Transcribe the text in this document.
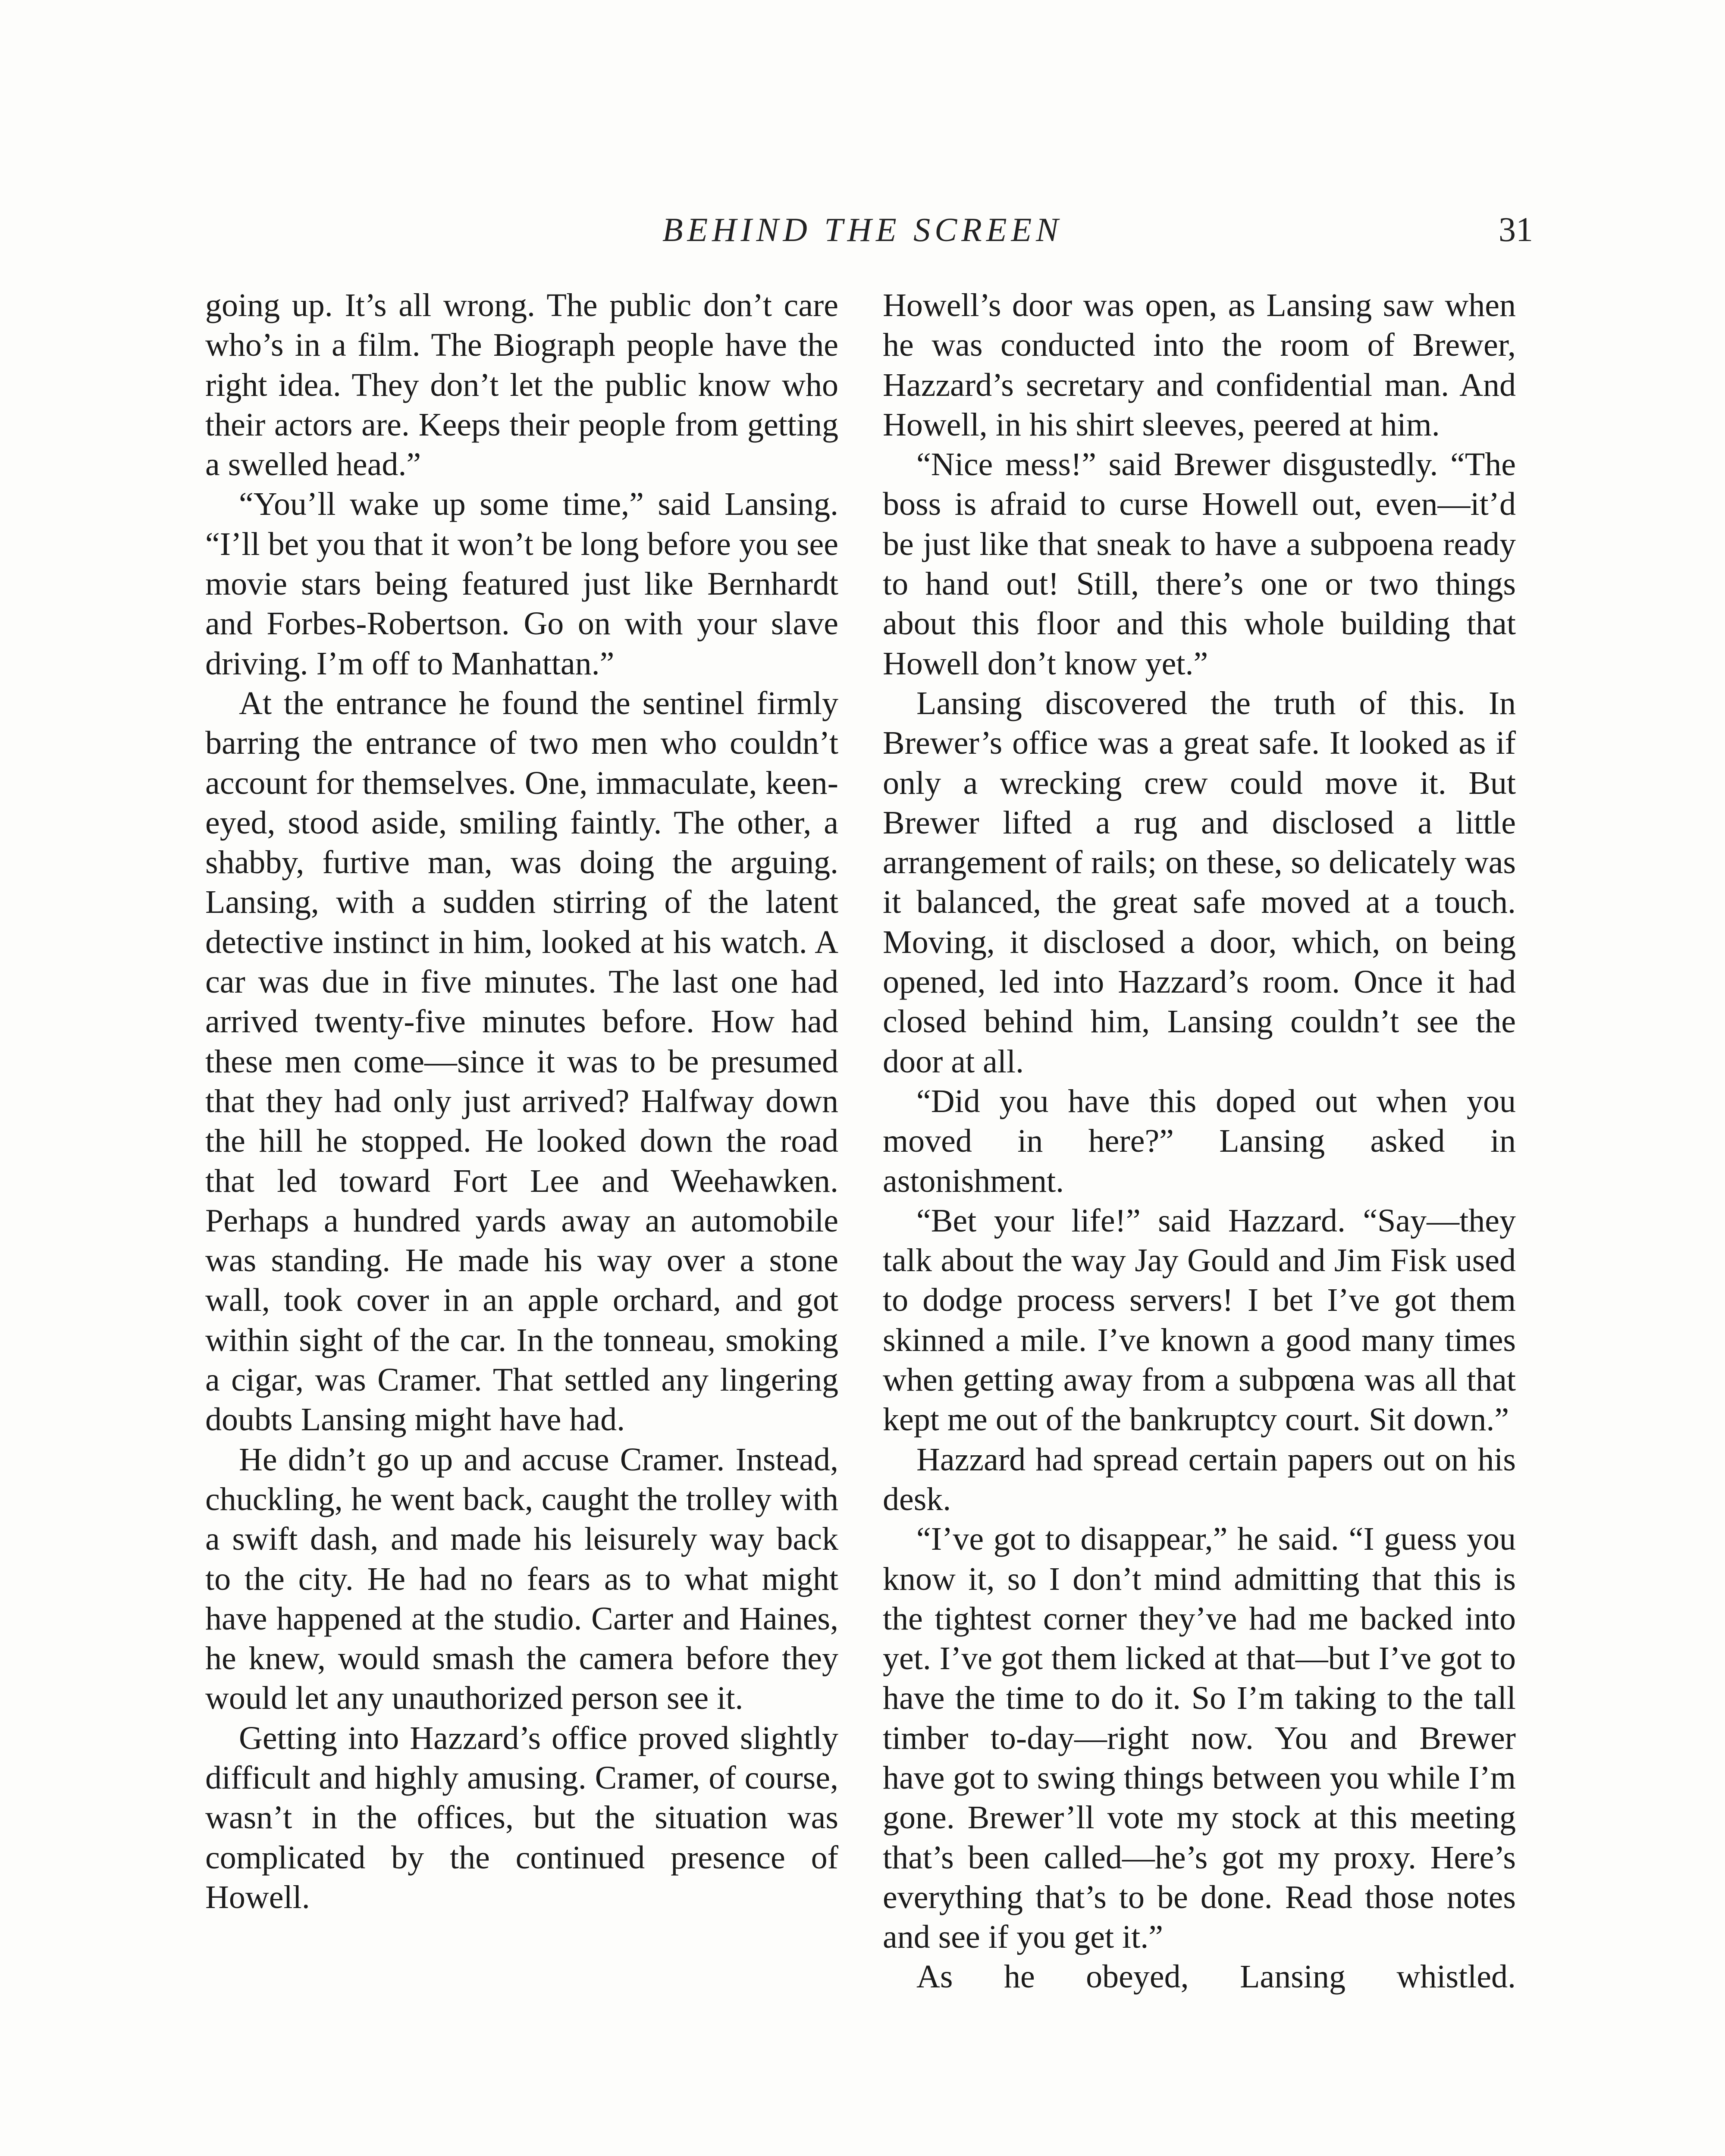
BEHIND THE SCREEN	31

going up. It’s all wrong. The public don’t care who’s in a film. The Biograph people have the right idea. They don’t let the public know who their actors are. Keeps their people from getting a swelled head.”

“You’ll wake up some time,” said Lansing. “I’ll bet you that it won’t be long before you see movie stars being featured just like Bernhardt and Forbes-Robertson. Go on with your slave driving. I’m off to Manhattan.”

At the entrance he found the sentinel firmly barring the entrance of two men who couldn’t account for themselves. One, immaculate, keen-eyed, stood aside, smiling faintly. The other, a shabby, furtive man, was doing the arguing. Lansing, with a sudden stirring of the latent detective instinct in him, looked at his watch. A car was due in five minutes. The last one had arrived twenty-five minutes before. How had these men come—since it was to be presumed that they had only just arrived? Halfway down the hill he stopped. He looked down the road that led toward Fort Lee and Weehawken. Perhaps a hundred yards away an automobile was standing. He made his way over a stone wall, took cover in an apple orchard, and got within sight of the car. In the tonneau, smoking a cigar, was Cramer. That settled any lingering doubts Lansing might have had.

He didn’t go up and accuse Cramer. Instead, chuckling, he went back, caught the trolley with a swift dash, and made his leisurely way back to the city. He had no fears as to what might have happened at the studio. Carter and Haines, he knew, would smash the camera before they would let any unauthorized person see it.

Getting into Hazzard’s office proved slightly difficult and highly amusing. Cramer, of course, wasn’t in the offices, but the situation was complicated by the continued presence of Howell.

Howell’s door was open, as Lansing saw when he was conducted into the room of Brewer, Hazzard’s secretary and confidential man. And Howell, in his shirt sleeves, peered at him.

“Nice mess!” said Brewer disgustedly. “The boss is afraid to curse Howell out, even—it’d be just like that sneak to have a subpoena ready to hand out! Still, there’s one or two things about this floor and this whole building that Howell don’t know yet.”

Lansing discovered the truth of this. In Brewer’s office was a great safe. It looked as if only a wrecking crew could move it. But Brewer lifted a rug and disclosed a little arrangement of rails; on these, so delicately was it balanced, the great safe moved at a touch. Moving, it disclosed a door, which, on being opened, led into Hazzard’s room. Once it had closed behind him, Lansing couldn’t see the door at all.

“Did you have this doped out when you moved in here?” Lansing asked in astonishment.

“Bet your life!” said Hazzard. “Say—they talk about the way Jay Gould and Jim Fisk used to dodge process servers! I bet I’ve got them skinned a mile. I’ve known a good many times when getting away from a subpœna was all that kept me out of the bankruptcy court. Sit down.”

Hazzard had spread certain papers out on his desk.

“I’ve got to disappear,” he said. “I guess you know it, so I don’t mind admitting that this is the tightest corner they’ve had me backed into yet. I’ve got them licked at that—but I’ve got to have the time to do it. So I’m taking to the tall timber to-day—right now. You and Brewer have got to swing things between you while I’m gone. Brewer’ll vote my stock at this meeting that’s been called—he’s got my proxy. Here’s everything that’s to be done. Read those notes and see if you get it.”

As he obeyed, Lansing whistled.
